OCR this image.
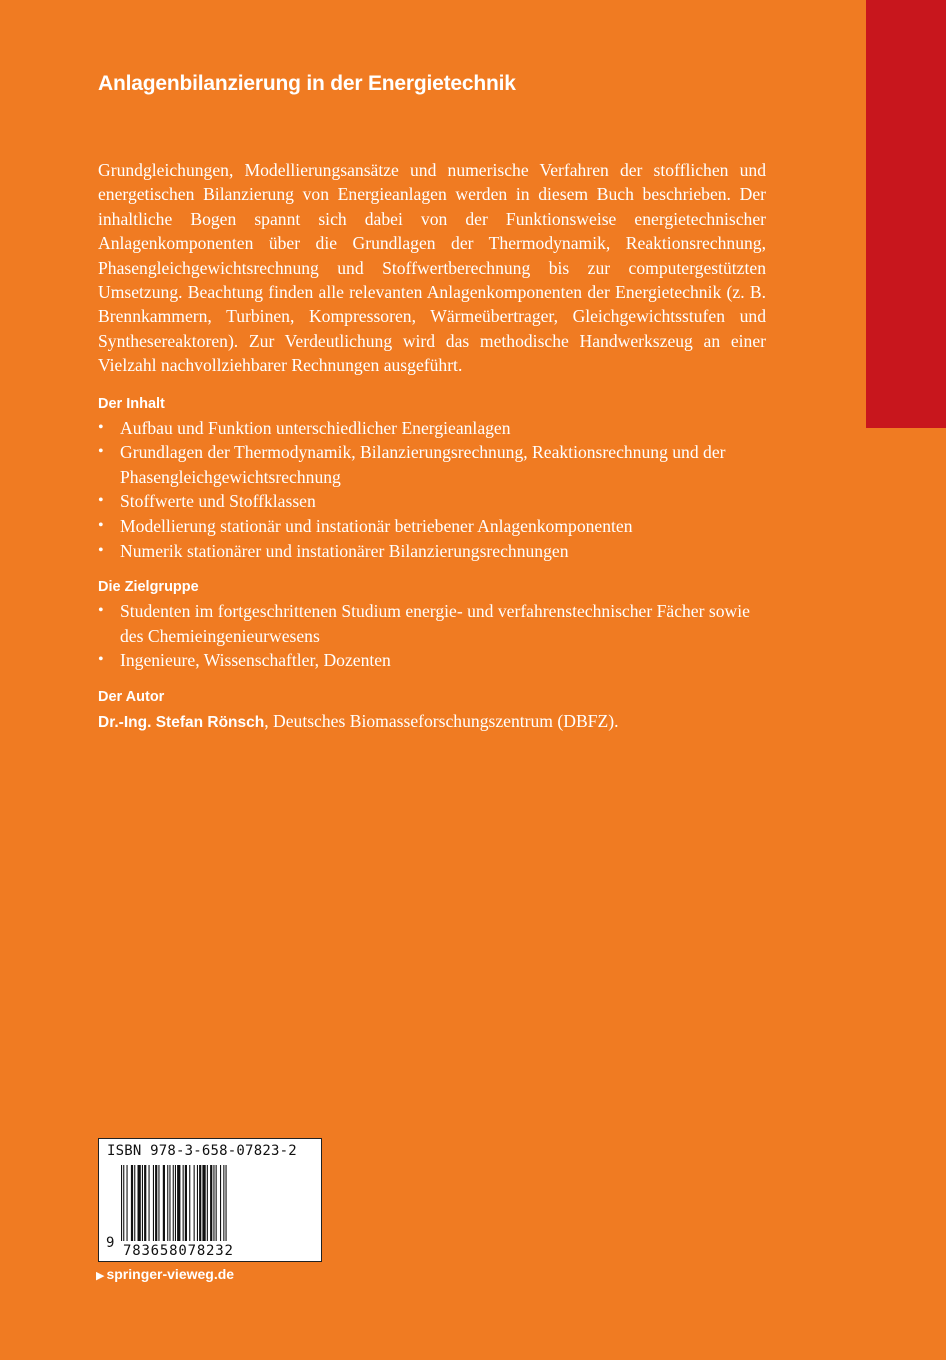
Anlagenbilanzierung in der Energietechnik

Grundgleichungen, Modellierungsansätze und numerische Verfahren der stofflichen und energetischen Bilanzierung von Energieanlagen werden in diesem Buch beschrieben. Der inhaltliche Bogen spannt sich dabei von der Funktionsweise energietechnischer Anlagenkomponenten über die Grundlagen der Thermodynamik, Reaktionsrechnung, Phasengleichgewichtsrechnung und Stoffwertberechnung bis zur computergestützten Umsetzung. Beachtung finden alle relevanten Anlagenkomponenten der Energietechnik (z. B. Brennkammern, Turbinen, Kompressoren, Wärmeübertrager, Gleichgewichtsstufen und Synthesereaktoren). Zur Verdeutlichung wird das methodische Handwerkszeug an einer Vielzahl nachvollziehbarer Rechnungen ausgeführt.

Der Inhalt
• Aufbau und Funktion unterschiedlicher Energieanlagen
• Grundlagen der Thermodynamik, Bilanzierungsrechnung, Reaktionsrechnung und der Phasengleichgewichtsrechnung
• Stoffwerte und Stoffklassen
• Modellierung stationär und instationär betriebener Anlagenkomponenten
• Numerik stationärer und instationärer Bilanzierungsrechnungen
Die Zielgruppe
• Studenten im fortgeschrittenen Studium energie- und verfahrenstechnischer Fächer sowie des Chemieingenieurwesens
• Ingenieure, Wissenschaftler, Dozenten
Der Autor

Dr.-Ing. Stefan Rönsch, Deutsches Biomasseforschungszentrum (DBFZ).

ISBN 978-3-658-07823-2
9 783658078232
▶ springer-vieweg.de
